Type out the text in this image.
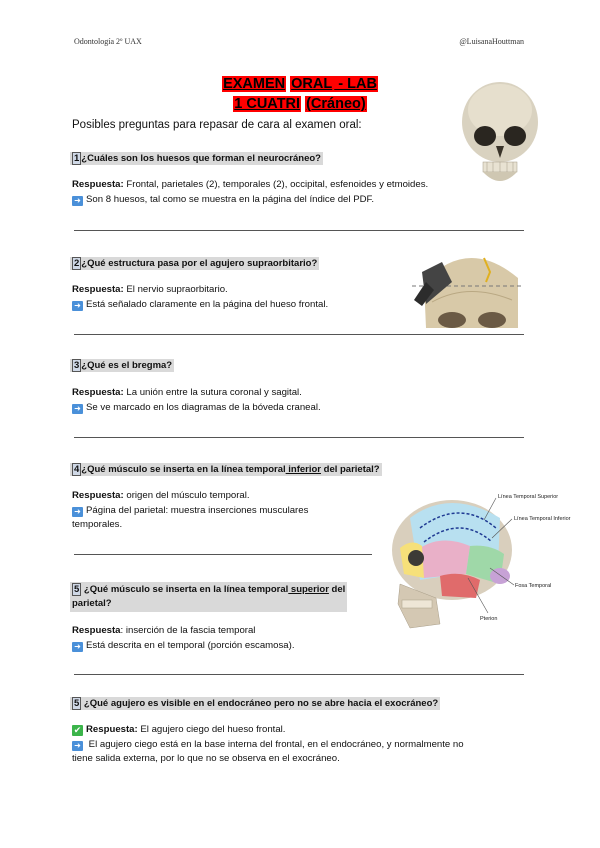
Odontología 2º UAX	@LuisanaHouttman
EXAMEN ORAL - LAB
1 CUATRI (Cráneo)
Posibles preguntas para repasar de cara al examen oral:
1 ¿Cuáles son los huesos que forman el neurocráneo?
Respuesta: Frontal, parietales (2), temporales (2), occipital, esfenoides y etmoides.
➜ Son 8 huesos, tal como se muestra en la página del índice del PDF.
2 ¿Qué estructura pasa por el agujero supraorbitario?
Respuesta: El nervio supraorbitario.
➜ Está señalado claramente en la página del hueso frontal.
3 ¿Qué es el bregma?
Respuesta: La unión entre la sutura coronal y sagital.
➜ Se ve marcado en los diagramas de la bóveda craneal.
4 ¿Qué músculo se inserta en la línea temporal inferior del parietal?
Respuesta: origen del músculo temporal.
➜ Página del parietal: muestra inserciones musculares
temporales.
Línea Temporal Superior
Línea Temporal Inferior
Fosa Temporal
Pterion
5 ¿Qué músculo se inserta en la línea temporal superior del
parietal?
Respuesta: inserción de la fascia temporal
➜ Está descrita en el temporal (porción escamosa).
5 ¿Qué agujero es visible en el endocráneo pero no se abre hacia el exocráneo?
✔ Respuesta: El agujero ciego del hueso frontal.
➜ El agujero ciego está en la base interna del frontal, en el endocráneo, y normalmente no
tiene salida externa, por lo que no se observa en el exocráneo.
